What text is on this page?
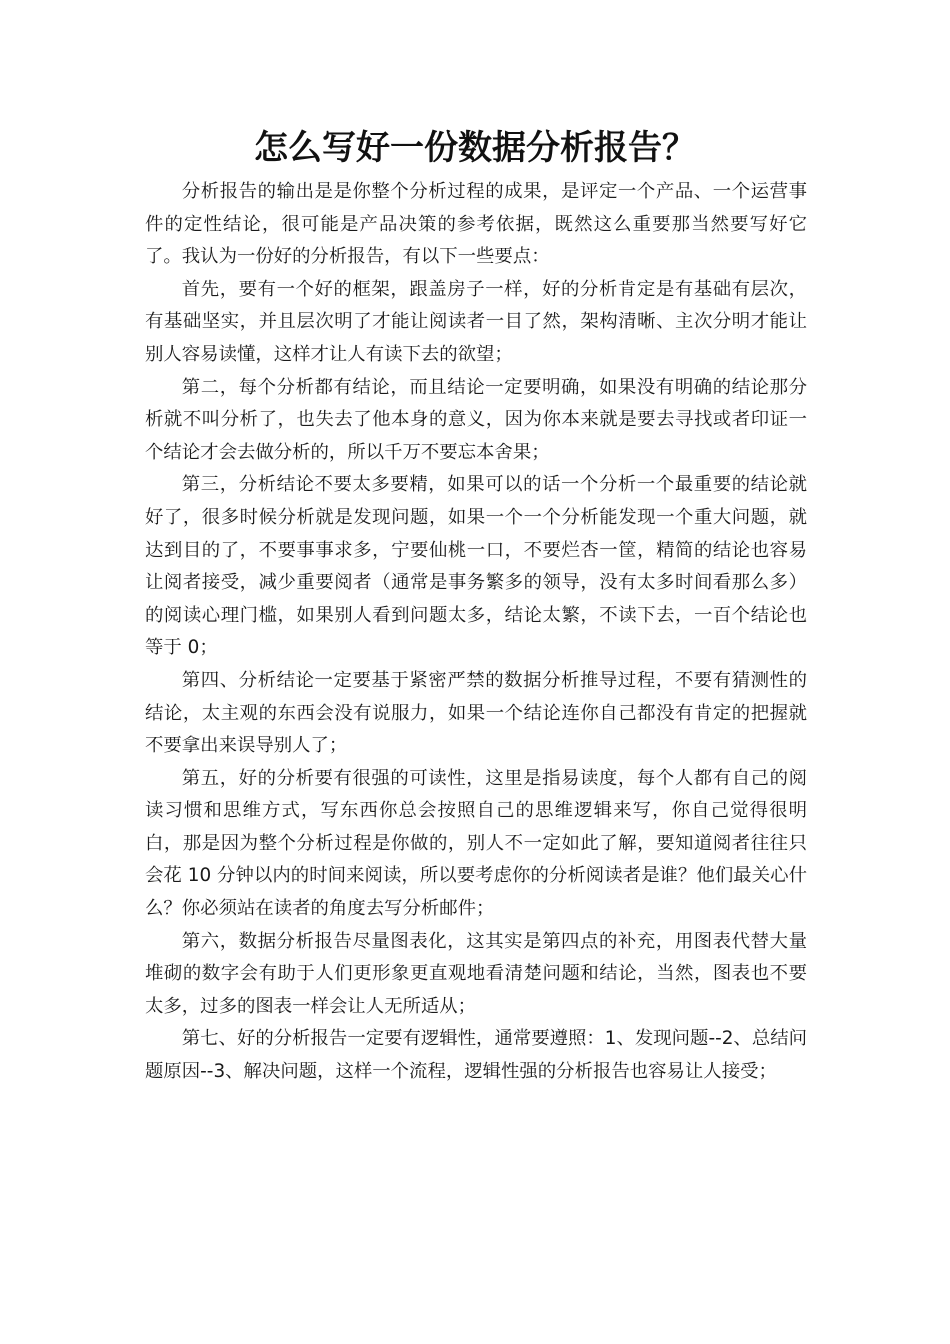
怎么写好一份数据分析报告？

分析报告的输出是是你整个分析过程的成果，是评定一个产品、一个运营事件的定性结论，很可能是产品决策的参考依据，既然这么重要那当然要写好它了。我认为一份好的分析报告，有以下一些要点：

首先，要有一个好的框架，跟盖房子一样，好的分析肯定是有基础有层次，有基础坚实，并且层次明了才能让阅读者一目了然，架构清晰、主次分明才能让别人容易读懂，这样才让人有读下去的欲望；

第二，每个分析都有结论，而且结论一定要明确，如果没有明确的结论那分析就不叫分析了，也失去了他本身的意义，因为你本来就是要去寻找或者印证一个结论才会去做分析的，所以千万不要忘本舍果；

第三，分析结论不要太多要精，如果可以的话一个分析一个最重要的结论就好了，很多时候分析就是发现问题，如果一个一个分析能发现一个重大问题，就达到目的了，不要事事求多，宁要仙桃一口，不要烂杏一筐，精简的结论也容易让阅者接受，减少重要阅者（通常是事务繁多的领导，没有太多时间看那么多）的阅读心理门槛，如果别人看到问题太多，结论太繁，不读下去，一百个结论也等于 0；

第四、分析结论一定要基于紧密严禁的数据分析推导过程，不要有猜测性的结论，太主观的东西会没有说服力，如果一个结论连你自己都没有肯定的把握就不要拿出来误导别人了；

第五，好的分析要有很强的可读性，这里是指易读度，每个人都有自己的阅读习惯和思维方式，写东西你总会按照自己的思维逻辑来写，你自己觉得很明白，那是因为整个分析过程是你做的，别人不一定如此了解，要知道阅者往往只会花 10 分钟以内的时间来阅读，所以要考虑你的分析阅读者是谁？他们最关心什么？你必须站在读者的角度去写分析邮件；

第六，数据分析报告尽量图表化，这其实是第四点的补充，用图表代替大量堆砌的数字会有助于人们更形象更直观地看清楚问题和结论，当然，图表也不要太多，过多的图表一样会让人无所适从；

第七、好的分析报告一定要有逻辑性，通常要遵照：1、发现问题--2、总结问题原因--3、解决问题，这样一个流程，逻辑性强的分析报告也容易让人接受；
